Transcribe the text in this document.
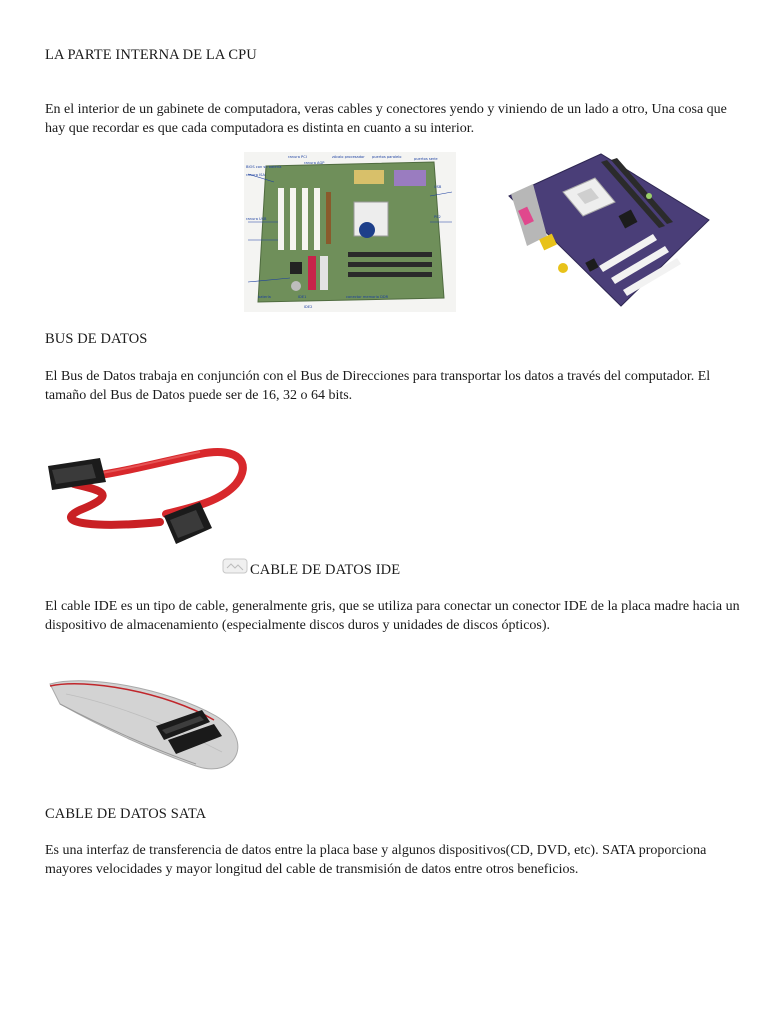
LA PARTE INTERNA DE LA CPU
En el interior de un gabinete de computadora, veras cables y conectores yendo y viniendo de un lado a otro, Una cosa que hay que recordar es que cada computadora es distinta en cuanto a su interior.
ranura PCI
BIOS con su batería
ranura ISA
ranura AGP
puertos paralelo
zócalo procesador	puertos serie
ranura USB
IDE1
IDE2
batería	conector memoria DDR
USB
PS2
BUS DE DATOS
El Bus de Datos trabaja en conjunción con el Bus de Direcciones para transportar los datos a través del computador. El tamaño del Bus de Datos puede ser de 16, 32 o 64 bits.
CABLE DE DATOS IDE
El cable IDE es un tipo de cable, generalmente gris, que se utiliza para conectar un conector IDE de la placa madre hacia un dispositivo de almacenamiento (especialmente discos duros y unidades de discos ópticos).
CABLE DE DATOS SATA
Es una interfaz de transferencia de datos entre la placa base y algunos dispositivos(CD, DVD, etc). SATA proporciona mayores velocidades y mayor longitud del cable de transmisión de datos entre otros beneficios.
